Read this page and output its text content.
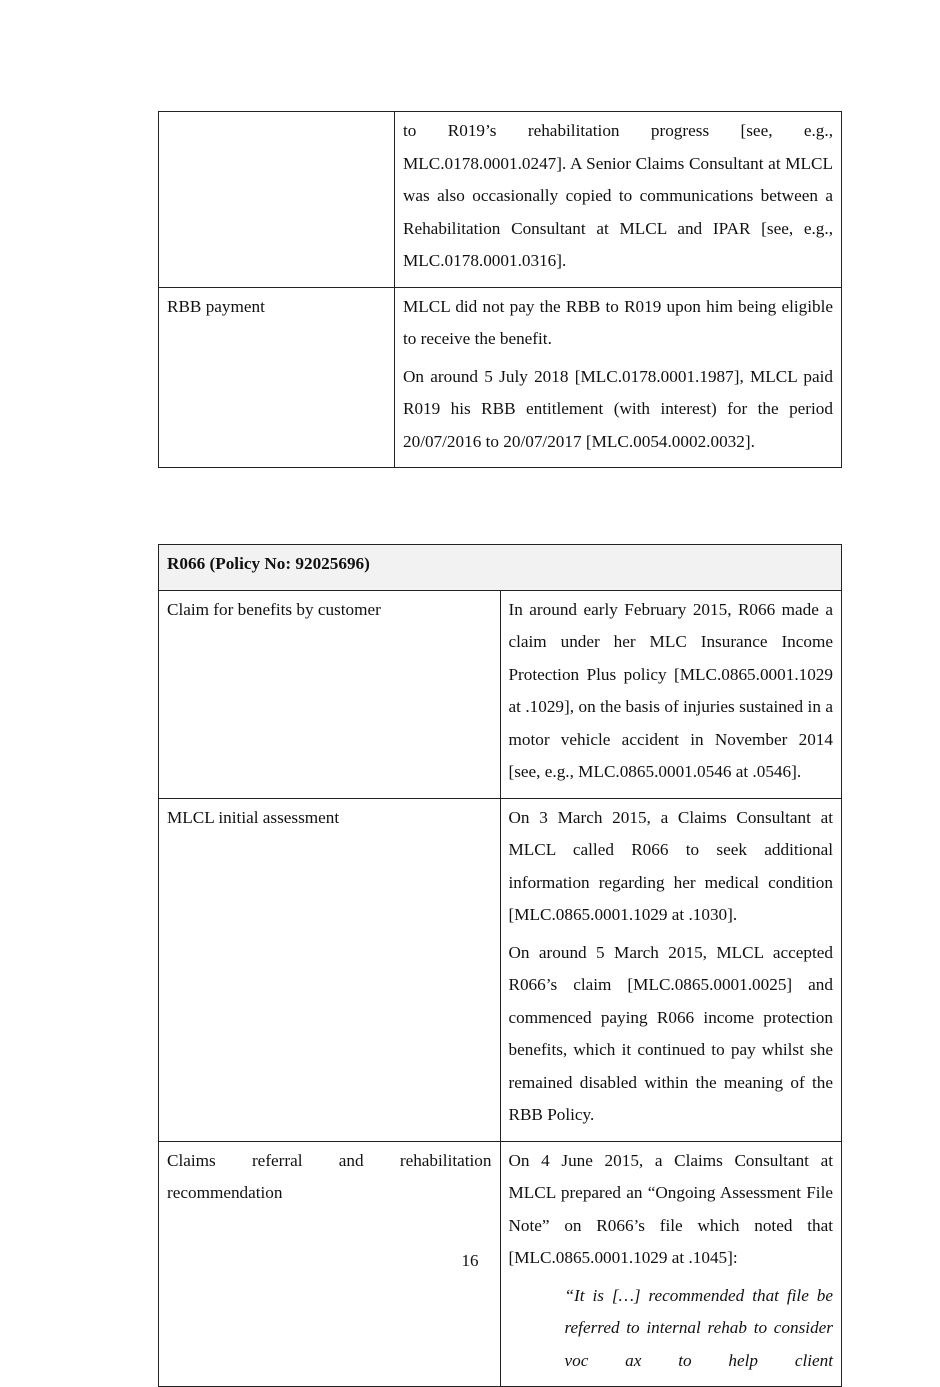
	to R019’s rehabilitation progress [see, e.g., MLC.0178.0001.0247]. A Senior Claims Consultant at MLCL was also occasionally copied to communications between a Rehabilitation Consultant at MLCL and IPAR [see, e.g., MLC.0178.0001.0316].

RBB payment	MLCL did not pay the RBB to R019 upon him being eligible to receive the benefit.

On around 5 July 2018 [MLC.0178.0001.1987], MLCL paid R019 his RBB entitlement (with interest) for the period 20/07/2016 to 20/07/2017 [MLC.0054.0002.0032].

R066 (Policy No: 92025696)	

Claim for benefits by customer	In around early February 2015, R066 made a claim under her MLC Insurance Income Protection Plus policy [MLC.0865.0001.1029 at .1029], on the basis of injuries sustained in a motor vehicle accident in November 2014 [see, e.g., MLC.0865.0001.0546 at .0546].

MLCL initial assessment	On 3 March 2015, a Claims Consultant at MLCL called R066 to seek additional information regarding her medical condition [MLC.0865.0001.1029 at .1030].

On around 5 March 2015, MLCL accepted R066’s claim [MLC.0865.0001.0025] and commenced paying R066 income protection benefits, which it continued to pay whilst she remained disabled within the meaning of the RBB Policy.

Claims referral and rehabilitation recommendation	On 4 June 2015, a Claims Consultant at MLCL prepared an “Ongoing Assessment File Note” on R066’s file which noted that [MLC.0865.0001.1029 at .1045]:

“It is […] recommended that file be referred to internal rehab to consider voc ax to help client

16
